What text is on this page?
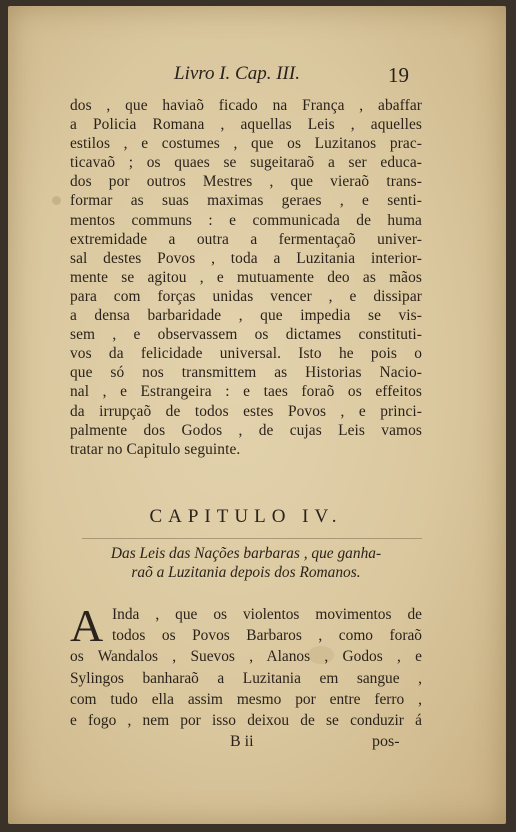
Livro I. Cap. III.	19
dos , que haviaõ ficado na França , abaffar
a Policia Romana , aquellas Leis , aquelles
estilos , e costumes , que os Luzitanos prac-
ticavaõ ; os quaes se sugeitaraõ a ser educa-
dos por outros Mestres , que vieraõ trans-
formar as suas maximas geraes , e senti-
mentos communs : e communicada de huma
extremidade a outra a fermentaçaõ univer-
sal destes Povos , toda a Luzitania interior-
mente se agitou , e mutuamente deo as mãos
para com forças unidas vencer , e dissipar
a densa barbaridade , que impedia se vis-
sem , e observassem os dictames constituti-
vos da felicidade universal. Isto he pois o
que só nos transmittem as Historias Nacio-
nal , e Estrangeira : e taes foraõ os effeitos
da irrupçaõ de todos estes Povos , e princi-
palmente dos Godos , de cujas Leis vamos
tratar no Capitulo seguinte.
CAPITULO IV.
Das Leis das Nações barbaras , que ganha-
raõ a Luzitania depois dos Romanos.
A Inda , que os violentos movimentos de
todos os Povos Barbaros , como foraõ
os Wandalos , Suevos , Alanos , Godos , e
Sylingos banharaõ a Luzitania em sangue ,
com tudo ella assim mesmo por entre ferro ,
e fogo , nem por isso deixou de se conduzir á
B ii	pos-
